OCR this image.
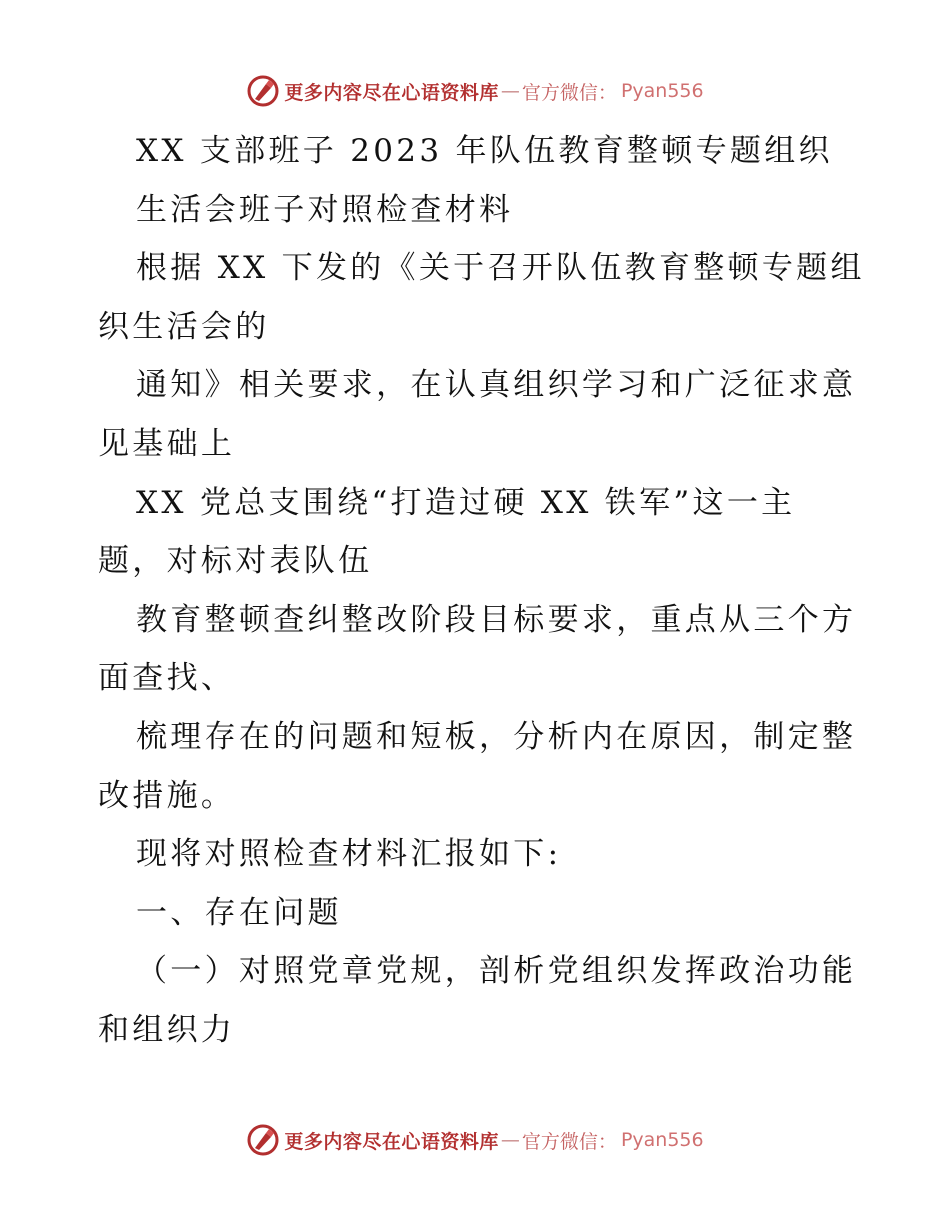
更多内容尽在心语资料库 — 官方微信： Pyan556
XX 支部班子 2023 年队伍教育整顿专题组织
生活会班子对照检查材料
根据 XX 下发的《关于召开队伍教育整顿专题组
织生活会的
通知》相关要求，在认真组织学习和广泛征求意
见基础上
XX 党总支围绕“打造过硬 XX 铁军”这一主
题，对标对表队伍
教育整顿查纠整改阶段目标要求，重点从三个方
面查找、
梳理存在的问题和短板，分析内在原因，制定整
改措施。
现将对照检查材料汇报如下:
一、存在问题
（一）对照党章党规，剖析党组织发挥政治功能
和组织力
更多内容尽在心语资料库 — 官方微信： Pyan556
